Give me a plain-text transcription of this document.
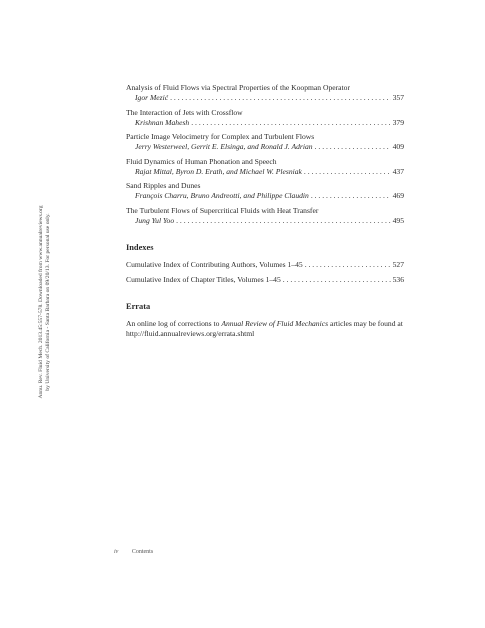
Annu. Rev. Fluid Mech. 2013.45:557-578. Downloaded from www.annualreviews.org by University of California - Santa Barbara on 09/20/13. For personal use only.
Analysis of Fluid Flows via Spectral Properties of the Koopman Operator
Igor Mezić . . .	357
The Interaction of Jets with Crossflow
Krishnan Mahesh . . .	379
Particle Image Velocimetry for Complex and Turbulent Flows
Jerry Westerweel, Gerrit E. Elsinga, and Ronald J. Adrian . . .	409
Fluid Dynamics of Human Phonation and Speech
Rajat Mittal, Byron D. Erath, and Michael W. Plesniak . . .	437
Sand Ripples and Dunes
François Charru, Bruno Andreotti, and Philippe Claudin . . .	469
The Turbulent Flows of Supercritical Fluids with Heat Transfer
Jung Yul Yoo . . .	495
Indexes
Cumulative Index of Contributing Authors, Volumes 1–45 . . .	527
Cumulative Index of Chapter Titles, Volumes 1–45 . . .	536
Errata
An online log of corrections to Annual Review of Fluid Mechanics articles may be found at http://fluid.annualreviews.org/errata.shtml
iv Contents
